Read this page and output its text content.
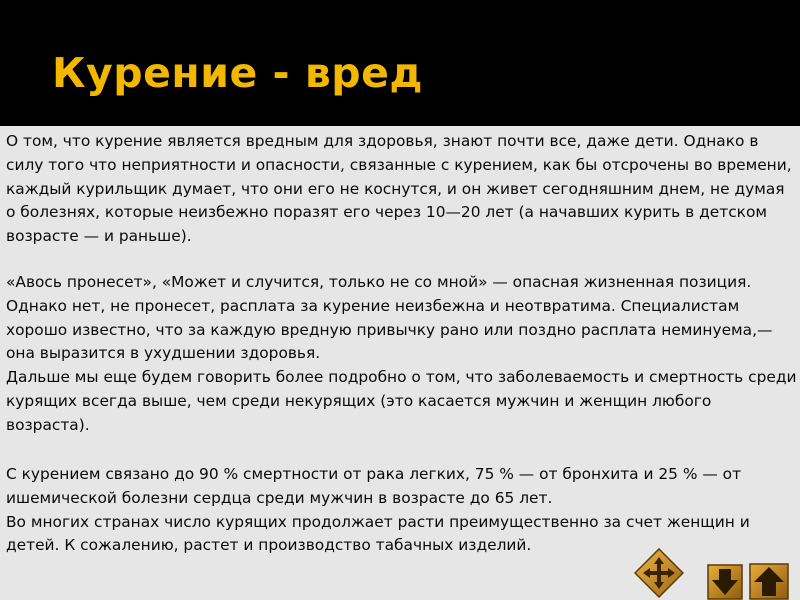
Курение - вред

О том, что курение является вредным для здоровья, знают почти все, даже дети. Однако в силу того что неприятности и опасности, связанные с курением, как бы отсрочены во времени, каждый курильщик думает, что они его не коснутся, и он живет сегодняшним днем, не думая о болезнях, которые неизбежно поразят его через 10—20 лет (а начавших курить в детском возрасте — и раньше).

«Авось пронесет», «Может и случится, только не со мной» — опасная жизненная позиция. Однако нет, не пронесет, расплата за курение неизбежна и неотвратима. Специалистам хорошо известно, что за каждую вредную привычку рано или поздно расплата неминуема,— она выразится в ухудшении здоровья.
Дальше мы еще будем говорить более подробно о том, что заболеваемость и смертность среди курящих всегда выше, чем среди некурящих (это касается мужчин и женщин любого возраста).

С курением связано до 90 % смертности от рака легких, 75 % — от бронхита и 25 % — от ишемической болезни сердца среди мужчин в возрасте до 65 лет.
Во многих странах число курящих продолжает расти преимущественно за счет женщин и детей. К сожалению, растет и производство табачных изделий.
